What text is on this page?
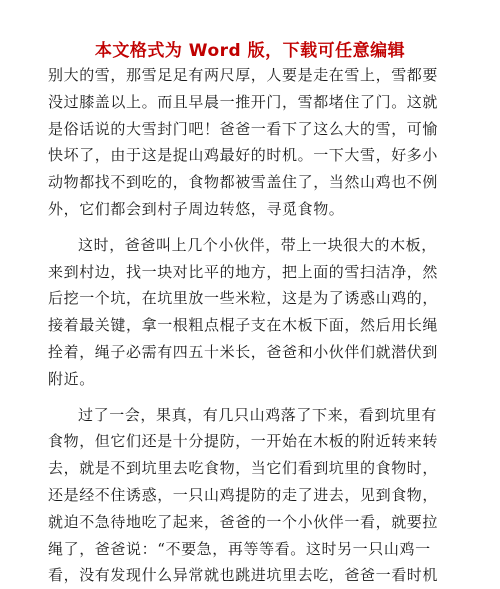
本文格式为 Word 版，下载可任意编辑
别大的雪，那雪足足有两尺厚，人要是走在雪上，雪都要
没过膝盖以上。而且早晨一推开门，雪都堵住了门。这就
是俗话说的大雪封门吧！爸爸一看下了这么大的雪，可愉
快坏了，由于这是捉山鸡最好的时机。一下大雪，好多小
动物都找不到吃的，食物都被雪盖住了，当然山鸡也不例
外，它们都会到村子周边转悠，寻觅食物。
这时，爸爸叫上几个小伙伴，带上一块很大的木板，
来到村边，找一块对比平的地方，把上面的雪扫洁净，然
后挖一个坑，在坑里放一些米粒，这是为了诱惑山鸡的，
接着最关键，拿一根粗点棍子支在木板下面，然后用长绳
拴着，绳子必需有四五十米长，爸爸和小伙伴们就潜伏到
附近。
过了一会，果真，有几只山鸡落了下来，看到坑里有
食物，但它们还是十分提防，一开始在木板的附近转来转
去，就是不到坑里去吃食物，当它们看到坑里的食物时，
还是经不住诱惑，一只山鸡提防的走了进去，见到食物，
就迫不急待地吃了起来，爸爸的一个小伙伴一看，就要拉
绳了，爸爸说：“不要急，再等等看。这时另一只山鸡一
看，没有发现什么异常就也跳进坑里去吃，爸爸一看时机
